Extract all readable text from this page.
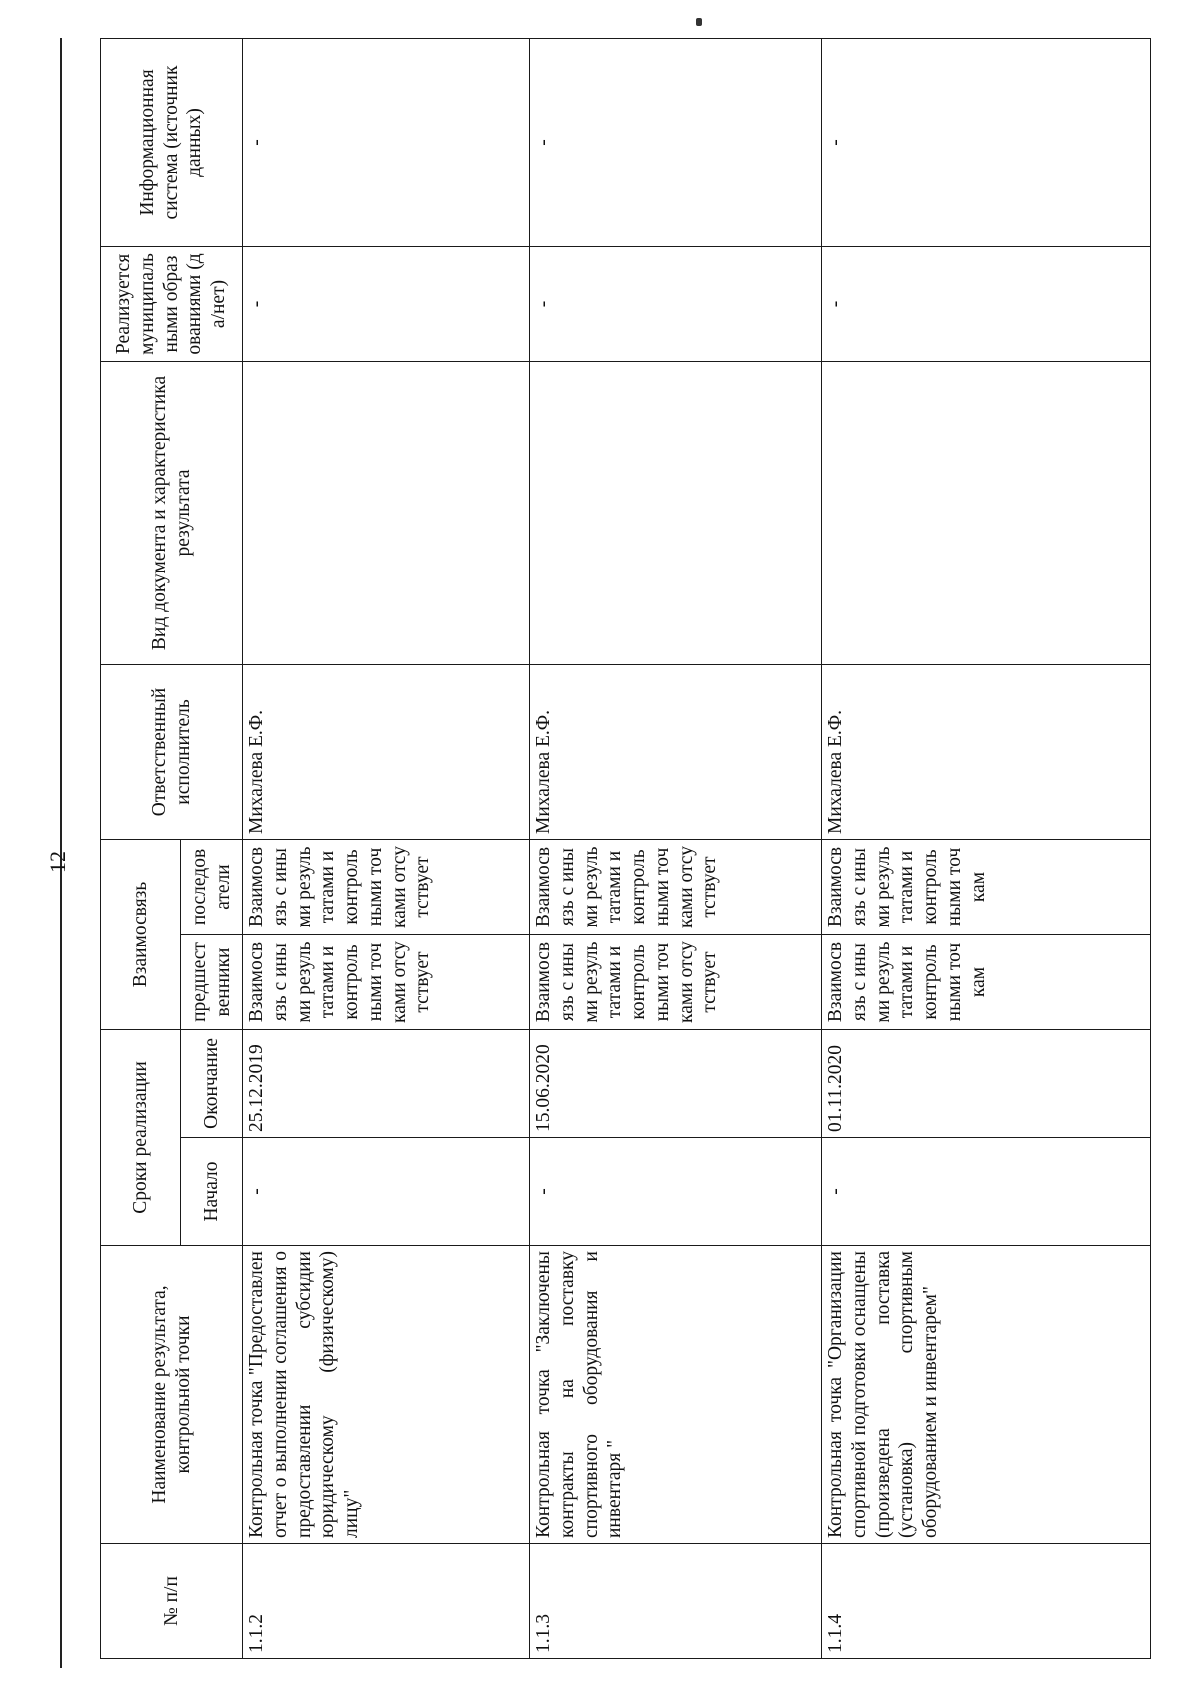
12
№ п/п	Наименование результата, контрольной точки	Сроки реализации		Взаимосвязь		Ответственный исполнитель	Вид документа и характеристика результата	Реализуется муниципальными образованиями (да/нет)	Информационная система (источник данных)
		Начало	Окончание	предшественники	последователи				
1.1.2	Контрольная точка "Предоставлен отчет о выполнении соглашения о предоставлении субсидии юридическому (физическому) лицу"	-	25.12.2019	Взаимосвязь с иными результатами и контрольными точками отсутствует	Взаимосвязь с иными результатами и контрольными точками отсутствует	Михалева Е.Ф.		-	-
1.1.3	Контрольная точка "Заключены контракты на поставку спортивного оборудования и инвентаря "	-	15.06.2020	Взаимосвязь с иными результатами и контрольными точками отсутствует	Взаимосвязь с иными результатами и контрольными точками отсутствует	Михалева Е.Ф.		-	-
1.1.4	Контрольная точка "Организации спортивной подготовки оснащены (произведена поставка (установка) спортивным оборудованием и инвентарем"	-	01.11.2020	Взаимосвязь с иными результатами и контрольными точкам	Взаимосвязь с иными результатами и контрольными точкам	Михалева Е.Ф.		-	-
